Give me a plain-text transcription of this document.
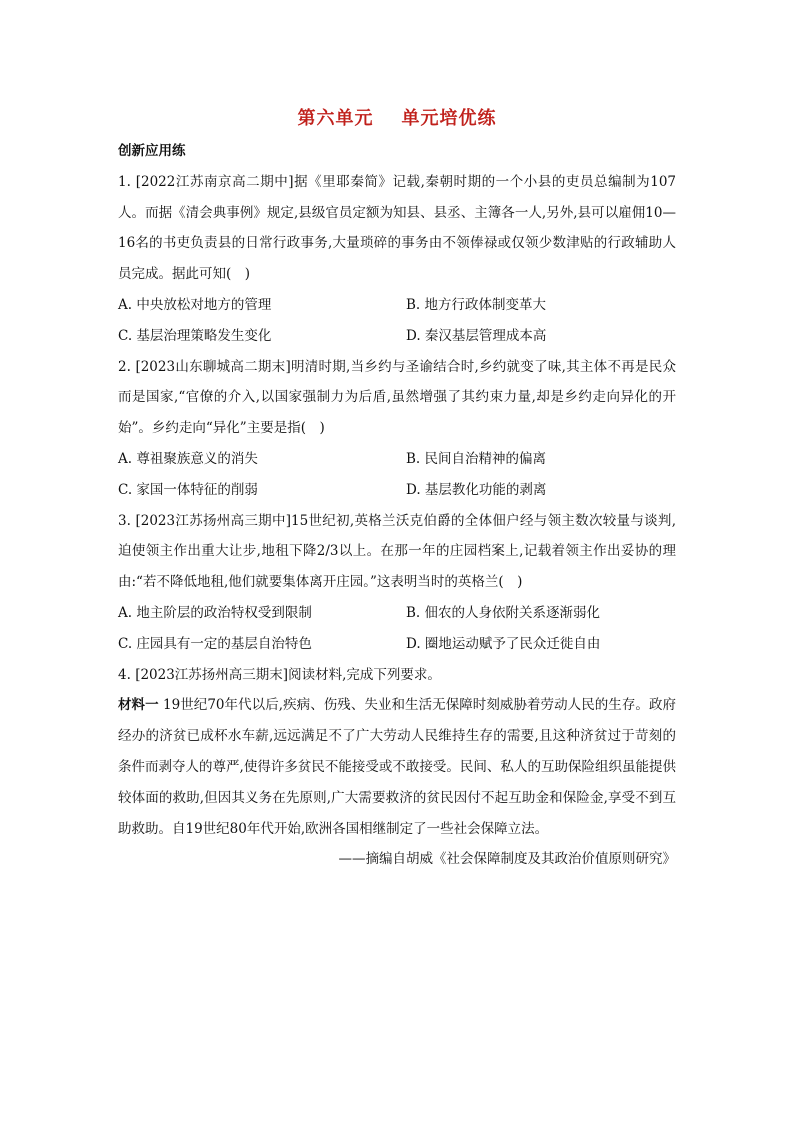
第六单元 单元培优练
创新应用练

1. [2022江苏南京高二期中]据《里耶秦简》记载,秦朝时期的一个小县的吏员总编制为107人。而据《清会典事例》规定,县级官员定额为知县、县丞、主簿各一人,另外,县可以雇佣10—16名的书吏负责县的日常行政事务,大量琐碎的事务由不领俸禄或仅领少数津贴的行政辅助人员完成。据此可知(　)

A. 中央放松对地方的管理	B. 地方行政体制变革大
C. 基层治理策略发生变化	D. 秦汉基层管理成本高

2. [2023山东聊城高二期末]明清时期,当乡约与圣谕结合时,乡约就变了味,其主体不再是民众而是国家,“官僚的介入,以国家强制力为后盾,虽然增强了其约束力量,却是乡约走向异化的开始”。乡约走向“异化”主要是指(　)

A. 尊祖聚族意义的消失	B. 民间自治精神的偏离
C. 家国一体特征的削弱	D. 基层教化功能的剥离

3. [2023江苏扬州高三期中]15世纪初,英格兰沃克伯爵的全体佃户经与领主数次较量与谈判,迫使领主作出重大让步,地租下降2/3以上。在那一年的庄园档案上,记载着领主作出妥协的理由:“若不降低地租,他们就要集体离开庄园。”这表明当时的英格兰(　)

A. 地主阶层的政治特权受到限制	B. 佃农的人身依附关系逐渐弱化
C. 庄园具有一定的基层自治特色	D. 圈地运动赋予了民众迁徙自由

4. [2023江苏扬州高三期末]阅读材料,完成下列要求。

材料一 19世纪70年代以后,疾病、伤残、失业和生活无保障时刻威胁着劳动人民的生存。政府经办的济贫已成杯水车薪,远远满足不了广大劳动人民维持生存的需要,且这种济贫过于苛刻的条件而剥夺人的尊严,使得许多贫民不能接受或不敢接受。民间、私人的互助保险组织虽能提供较体面的救助,但因其义务在先原则,广大需要救济的贫民因付不起互助金和保险金,享受不到互助救助。自19世纪80年代开始,欧洲各国相继制定了一些社会保障立法。

——摘编自胡威《社会保障制度及其政治价值原则研究》
